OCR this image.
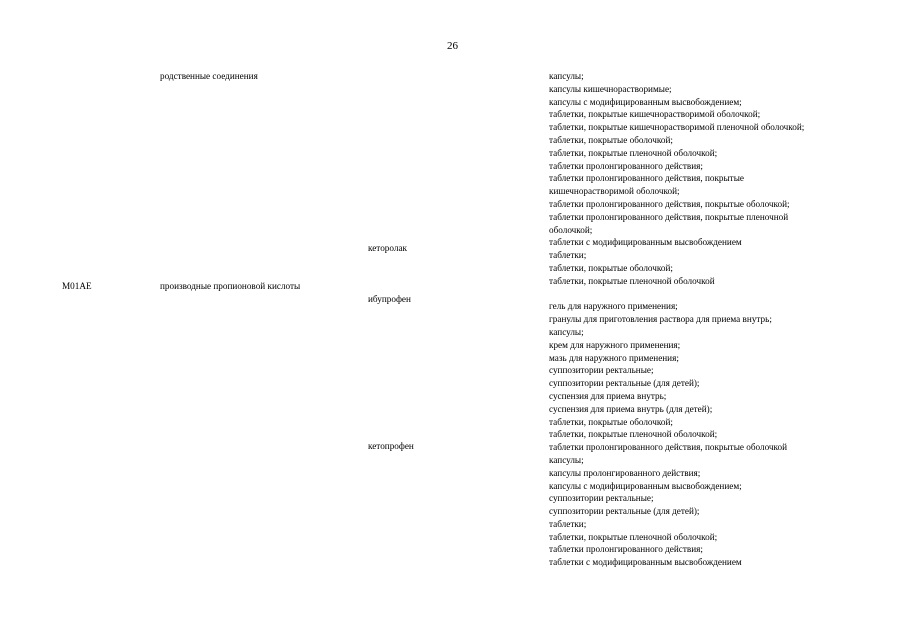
26
M01AE
родственные соединения
производные пропионовой кислоты
кеторолак
ибупрофен
кетопрофен
капсулы;
капсулы кишечнорастворимые;
капсулы с модифицированным высвобождением;
таблетки, покрытые кишечнорастворимой оболочкой;
таблетки, покрытые кишечнорастворимой пленочной оболочкой;
таблетки, покрытые оболочкой;
таблетки, покрытые пленочной оболочкой;
таблетки пролонгированного действия;
таблетки пролонгированного действия, покрытые
кишечнорастворимой оболочкой;
таблетки пролонгированного действия, покрытые оболочкой;
таблетки пролонгированного действия, покрытые пленочной
оболочкой;
таблетки с модифицированным высвобождением
таблетки;
таблетки, покрытые оболочкой;
таблетки, покрытые пленочной оболочкой
гель для наружного применения;
гранулы для приготовления раствора для приема внутрь;
капсулы;
крем для наружного применения;
мазь для наружного применения;
суппозитории ректальные;
суппозитории ректальные (для детей);
суспензия для приема внутрь;
суспензия для приема внутрь (для детей);
таблетки, покрытые оболочкой;
таблетки, покрытые пленочной оболочкой;
таблетки пролонгированного действия, покрытые оболочкой
капсулы;
капсулы пролонгированного действия;
капсулы с модифицированным высвобождением;
суппозитории ректальные;
суппозитории ректальные (для детей);
таблетки;
таблетки, покрытые пленочной оболочкой;
таблетки пролонгированного действия;
таблетки с модифицированным высвобождением
